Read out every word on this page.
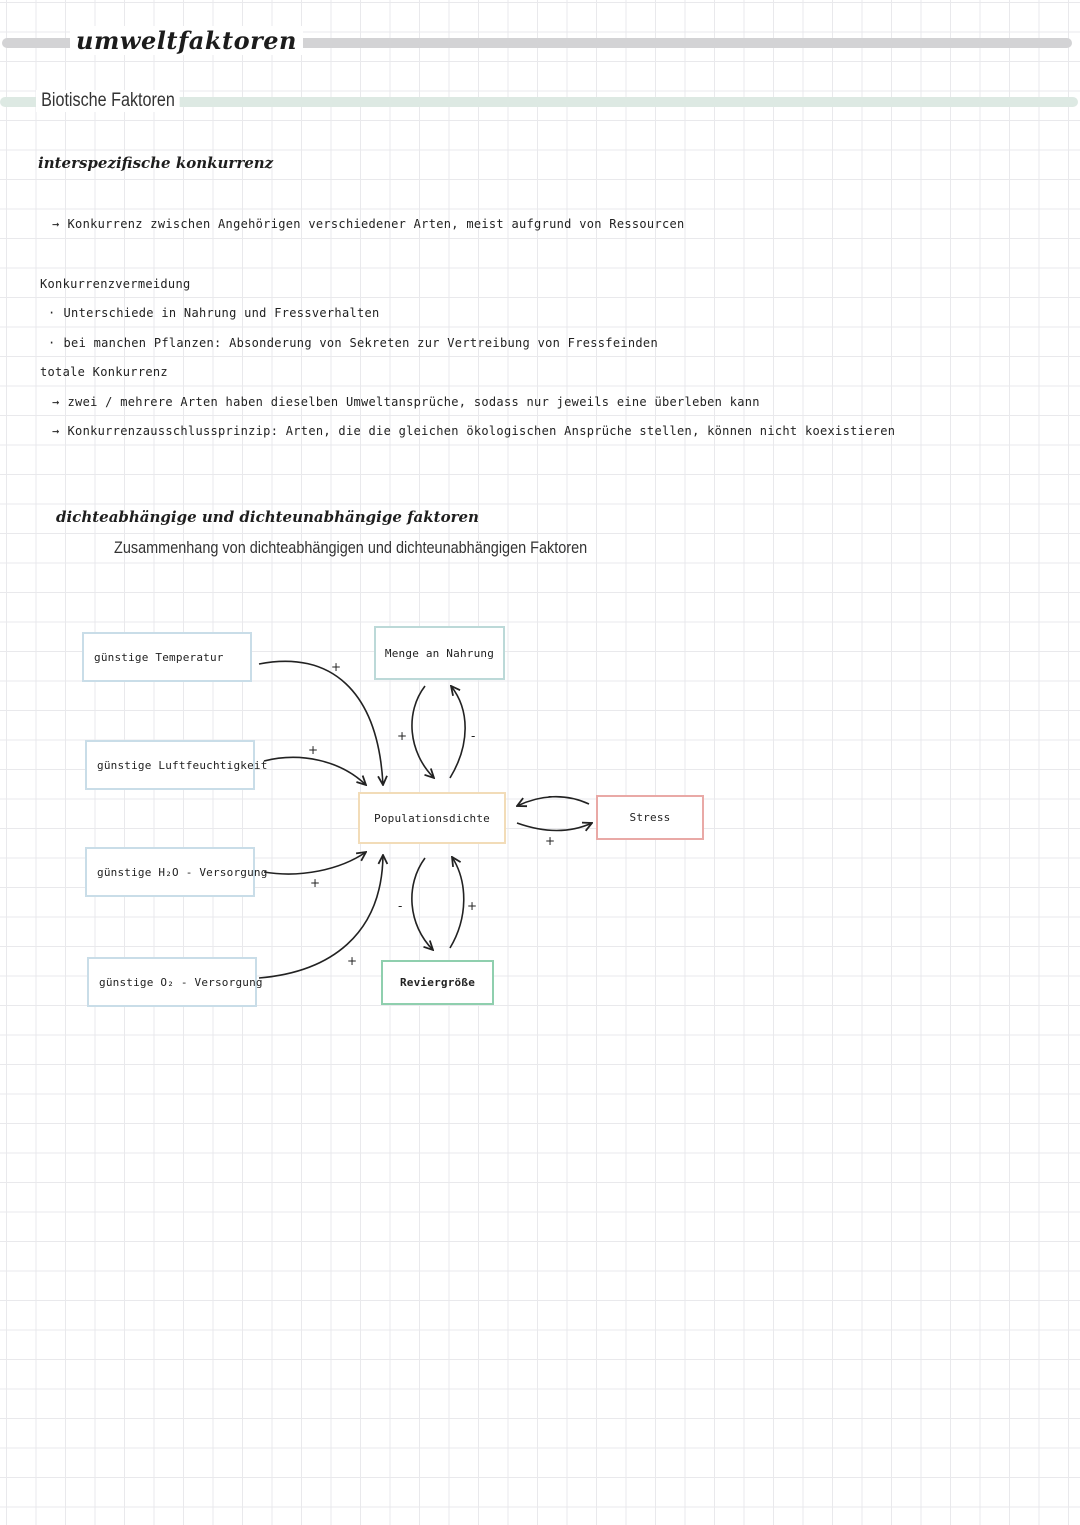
umweltfaktoren
Biotische Faktoren
interspezifische konkurrenz
→ Konkurrenz zwischen Angehörigen verschiedener Arten, meist aufgrund von Ressourcen
Konkurrenzvermeidung
· Unterschiede in Nahrung und Fressverhalten
· bei manchen Pflanzen: Absonderung von Sekreten zur Vertreibung von Fressfeinden
totale Konkurrenz
→ zwei / mehrere Arten haben dieselben Umweltansprüche, sodass nur jeweils eine überleben kann
→ Konkurrenzausschlussprinzip: Arten, die die gleichen ökologischen Ansprüche stellen, können nicht koexistieren
dichteabhängige und dichteunabhängige faktoren
Zusammenhang von dichteabhängigen und dichteunabhängigen Faktoren
+
+
+
+
+	-
-
+
-	+
günstige Temperatur
günstige Luftfeuchtigkeit
günstige H₂O - Versorgung
günstige O₂ - Versorgung
Menge an Nahrung
Populationsdichte	Stress
Reviergröße
